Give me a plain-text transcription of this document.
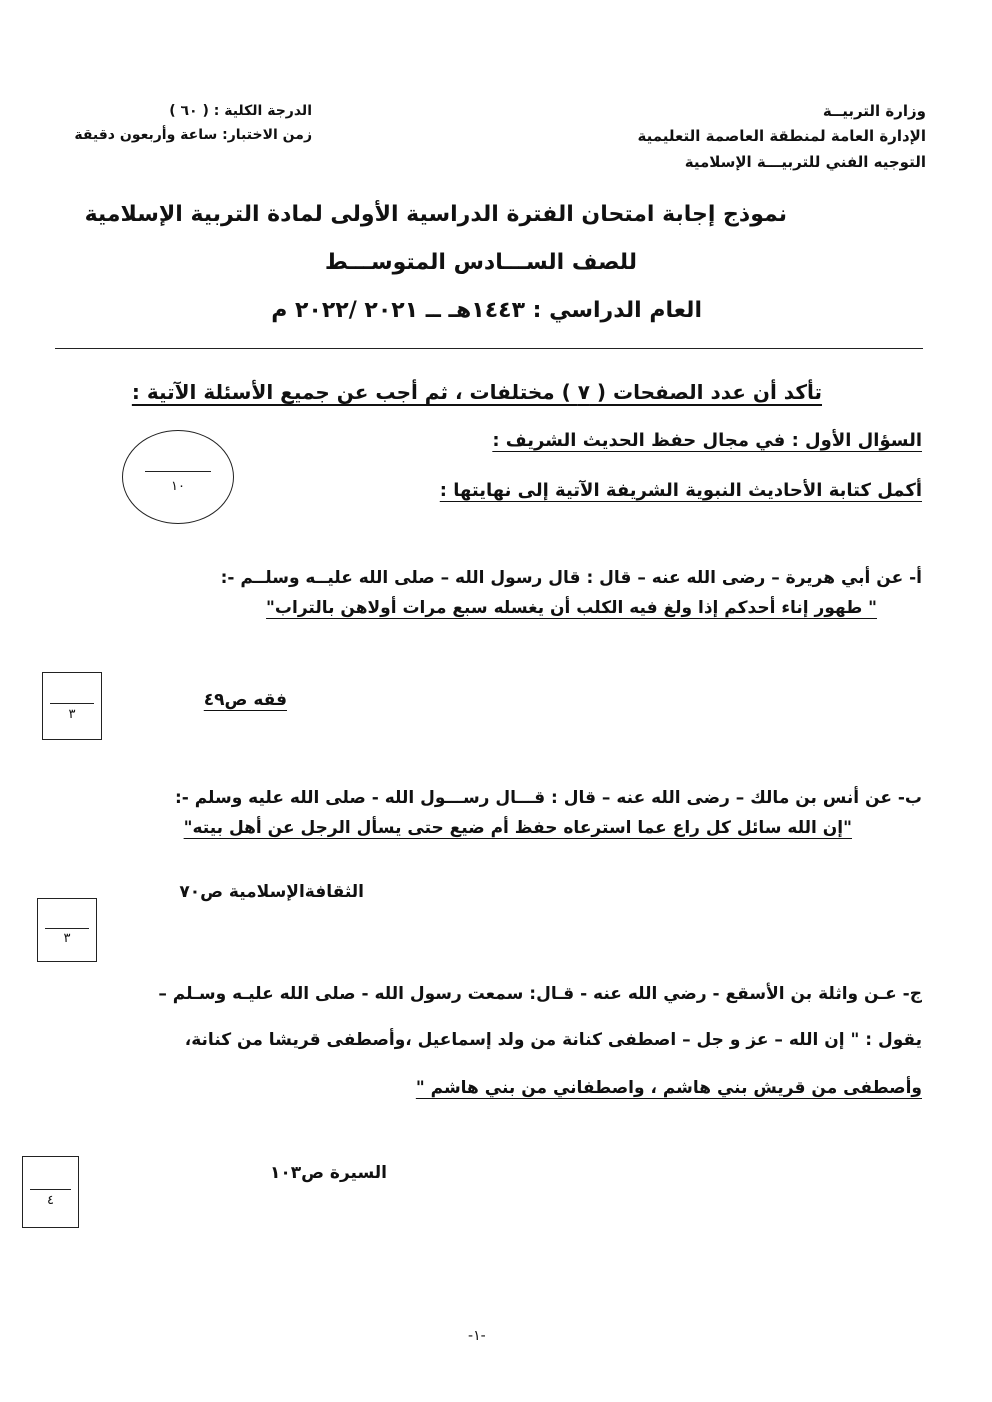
وزارة التربيــة
الإدارة العامة لمنطقة العاصمة التعليمية
التوجيه الفني للتربيـــة الإسلامية
الدرجة الكلية : ( ٦٠ )
زمن الاختبار: ساعة وأربعون دقيقة
نموذج إجابة امتحان الفترة الدراسية الأولى لمادة التربية الإسلامية
للصف الســـادس المتوســـط
العام الدراسي : ١٤٤٣هـ ــ ٢٠٢١ /٢٠٢٢ م
تأكد أن عدد الصفحات ( ٧ ) مختلفات ، ثم أجب عن جميع الأسئلة الآتية :
السؤال الأول : في مجال حفظ الحديث الشريف :
أكمل كتابة الأحاديث النبوية الشريفة الآتية إلى نهايتها :
١٠
أ- عن أبي هريرة – رضى الله عنه – قال : قال رسول الله – صلى الله عليــه وسلــم -:
" طهور إناء أحدكم إذا ولغ فيه الكلب أن يغسله سبع مرات أولاهن بالتراب"
فقه ص٤٩
٣
ب- عن أنس بن مالك – رضى الله عنه – قال : قـــال رســـول الله - صلى الله عليه وسلم -:
"إن الله سائل كل راع عما استرعاه حفظ أم ضيع حتى يسأل الرجل عن أهل بيته"
الثقافةالإسلامية ص٧٠
٣
ج- عـن واثلة بن الأسقع - رضي الله عنه - قـال: سمعت رسول الله - صلى الله عليـه وسـلم –
يقول : " إن الله – عز و جل – اصطفى كنانة من ولد إسماعيل ،وأصطفى قريشا من كنانة،
وأصطفى من قريش بني هاشم ، واصطفاني من بني هاشم "
السيرة ص١٠٣
٤
-١-
